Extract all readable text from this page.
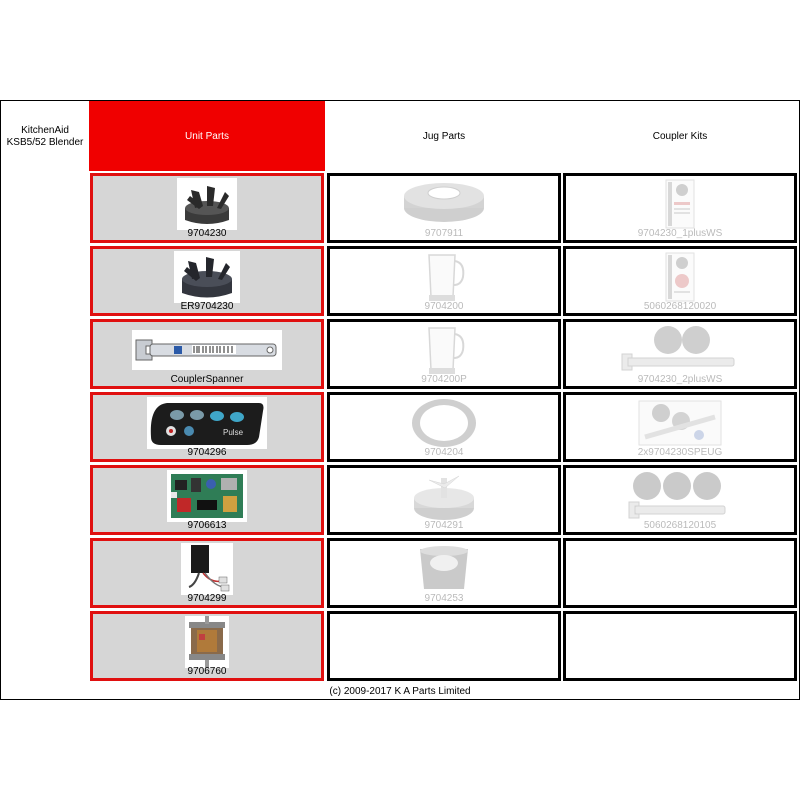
KitchenAid
KSB5/52 Blender
Unit Parts	Jug Parts	Coupler Kits
9704230
ER9704230
CouplerSpanner
Pulse
9704296
9706613
9704299
9706760
9707911
9704200
9704200P
9704204
9704291
9704253
9704230_1plusWS
5060268120020
9704230_2plusWS
2x9704230SPEUG
5060268120105
(c) 2009-2017 K A Parts Limited
